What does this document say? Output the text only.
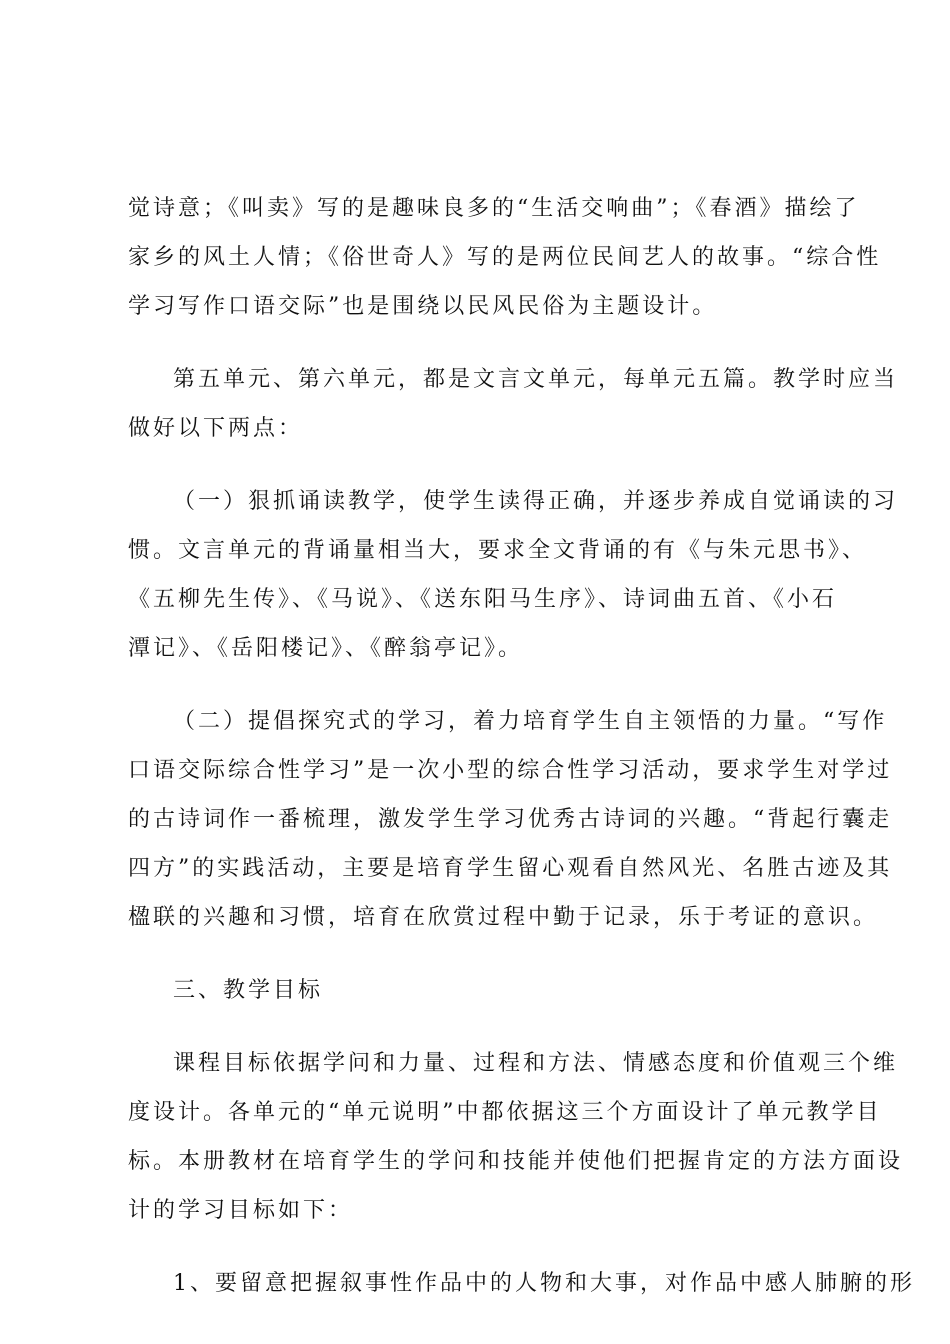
觉诗意；《叫卖》写的是趣味良多的“生活交响曲”；《春酒》描绘了
家乡的风土人情；《俗世奇人》写的是两位民间艺人的故事。“综合性
学习写作口语交际”也是围绕以民风民俗为主题设计。

第五单元、第六单元，都是文言文单元，每单元五篇。教学时应当
做好以下两点：

（一）狠抓诵读教学，使学生读得正确，并逐步养成自觉诵读的习
惯。文言单元的背诵量相当大，要求全文背诵的有《与朱元思书》、
《五柳先生传》、《马说》、《送东阳马生序》、诗词曲五首、《小石
潭记》、《岳阳楼记》、《醉翁亭记》。

（二）提倡探究式的学习，着力培育学生自主领悟的力量。“写作
口语交际综合性学习”是一次小型的综合性学习活动，要求学生对学过
的古诗词作一番梳理，激发学生学习优秀古诗词的兴趣。“背起行囊走
四方”的实践活动，主要是培育学生留心观看自然风光、名胜古迹及其
楹联的兴趣和习惯，培育在欣赏过程中勤于记录，乐于考证的意识。

三、教学目标

课程目标依据学问和力量、过程和方法、情感态度和价值观三个维
度设计。各单元的“单元说明”中都依据这三个方面设计了单元教学目
标。本册教材在培育学生的学问和技能并使他们把握肯定的方法方面设
计的学习目标如下：

1、要留意把握叙事性作品中的人物和大事，对作品中感人肺腑的形
